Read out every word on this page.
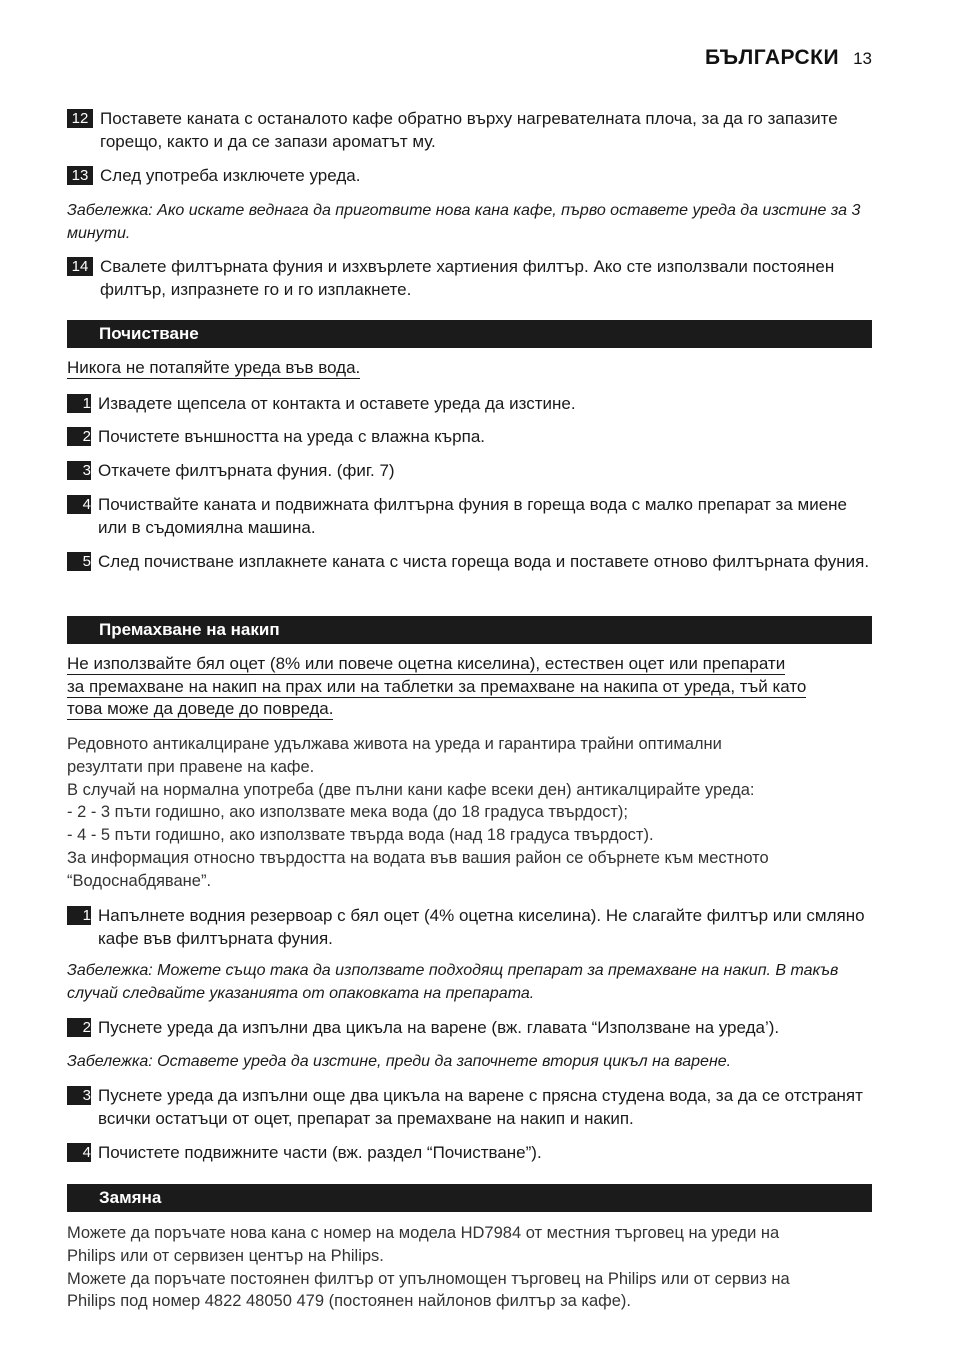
БЪЛГАРСКИ 13
12 Поставете каната с останалото кафе обратно върху нагревателната плоча, за да го запазите горещо, както и да се запази ароматът му.
13 След употреба изключете уреда.
Забележка: Ако искате веднага да приготвите нова кана кафе, първо оставете уреда да изстине за 3 минути.
14 Свалете филтърната фуния и изхвърлете хартиения филтър. Ако сте използвали постоянен филтър, изпразнете го и го изплакнете.
Почистване
Никога не потапяйте уреда във вода.
1 Извадете щепсела от контакта и оставете уреда да изстине.
2 Почистете външността на уреда с влажна кърпа.
3 Откачете филтърната фуния. (фиг. 7)
4 Почиствайте каната и подвижната филтърна фуния в гореща вода с малко препарат за миене или в съдомиялна машина.
5 След почистване изплакнете каната с чиста гореща вода и поставете отново филтърната фуния.
Премахване на накип
Не използвайте бял оцет (8% или повече оцетна киселина), естествен оцет или препарати
за премахване на накип на прах или на таблетки за премахване на накипа от уреда, тъй като
това може да доведе до повреда.
Редовното антикалциране удължава живота на уреда и гарантира трайни оптимални
резултати при правене на кафе.
В случай на нормална употреба (две пълни кани кафе всеки ден) антикалцирайте уреда:
- 2 - 3 пъти годишно, ако използвате мека вода (до 18 градуса твърдост);
- 4 - 5 пъти годишно, ако използвате твърда вода (над 18 градуса твърдост).
За информация относно твърдостта на водата във вашия район се обърнете към местното
“Водоснабдяване”.
1 Напълнете водния резервоар с бял оцет (4% оцетна киселина). Не слагайте филтър или смляно кафе във филтърната фуния.
Забележка: Можете също така да използвате подходящ препарат за премахване на накип. В такъв случай следвайте указанията от опаковката на препарата.
2 Пуснете уреда да изпълни два цикъла на варене (вж. главата “Използване на уреда’).
Забележка: Оставете уреда да изстине, преди да започнете втория цикъл на варене.
3 Пуснете уреда да изпълни още два цикъла на варене с прясна студена вода, за да се отстранят всички остатъци от оцет, препарат за премахване на накип и накип.
4 Почистете подвижните части (вж. раздел “Почистване”).
Замяна
Можете да поръчате нова кана с номер на модела HD7984 от местния търговец на уреди на
Philips или от сервизен център на Philips.
Можете да поръчате постоянен филтър от упълномощен търговец на Philips или от сервиз на
Philips под номер 4822 48050 479 (постоянен найлонов филтър за кафе).
